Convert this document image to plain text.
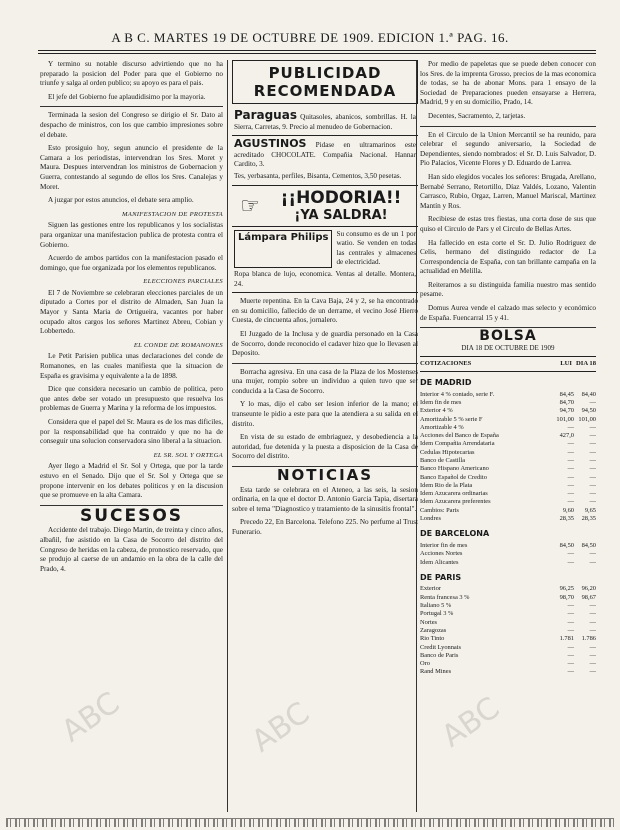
A B C. MARTES 19 DE OCTUBRE DE 1909. EDICION 1.ª PAG. 16.

Y termino su notable discurso advirtiendo que no ha preparado la posicion del Poder para que el Gobierno no triunfe y salga al orden publico; su apoyo es para el pais.

El jefe del Gobierno fue aplaudidisimo por la mayoria.

Terminada la sesion del Congreso se dirigio el Sr. Dato al despacho de ministros, con los que cambio impresiones sobre el debate.

Esto prosiguio hoy, segun anuncio el presidente de la Camara a los periodistas, intervendran los Sres. Moret y Maura. Despues intervendran los ministros de Gobernacion y Guerra, contestando al segundo de ellos los Sres. Canalejas y Moret.

A juzgar por estos anuncios, el debate sera amplio.

MANIFESTACION DE PROTESTA

Siguen las gestiones entre los republicanos y los socialistas para organizar una manifestacion publica de protesta contra el Gobierno.

Acuerdo de ambos partidos con la manifestacion pasado el domingo, que fue organizada por los elementos republicanos.

ELECCIONES PARCIALES

El 7 de Noviembre se celebraran elecciones parciales de un diputado a Cortes por el distrito de Almaden, San Juan la Mayor y Santa Maria de Ortigueira, vacantes por haber ocupado altos cargos los señores Martinez Abreu, Cobian y Lobbertedo.

EL CONDE DE ROMANONES

Le Petit Parisien publica unas declaraciones del conde de Romanones, en las cuales manifiesta que la situacion de España es gravisima y equivalente a la de 1898.

Dice que considera necesario un cambio de politica, pero que antes debe ser votado un presupuesto que resuelva los problemas de Guerra y Marina y la reforma de los impuestos.

Considera que el papel del Sr. Maura es de los mas dificiles, por la responsabilidad que ha contraido y que no ha de conseguir una solucion conservadora sino liberal a la situacion.

EL SR. SOL Y ORTEGA

Ayer llego a Madrid el Sr. Sol y Ortega, que por la tarde estuvo en el Senado. Dijo que el Sr. Sol y Ortega que se propone intervenir en los debates politicos y en la discusion que se promueve en la alta Camara.

SUCESOS

Accidente del trabajo. Diego Martin, de treinta y cinco años, albañil, fue asistido en la Casa de Socorro del distrito del Congreso de heridas en la cabeza, de pronostico reservado, que se produjo al caerse de un andamio en la obra de la calle del Prado, 4.

PUBLICIDAD
RECOMENDADA
Paraguas Quitasoles, abanicos, sombrillas. H. la Sierra, Carretas, 9. Precio al menudeo de Gobernacion.
AGUSTINOS Pidase en ultramarinos este acreditado CHOCOLATE. Compañia Nacional. Hannar Cardito, 3.
Tes, yerbasanta, perfiles, Bisanta, Cementos, 3,50 pesetas.
☞	¡¡HODORIA!!
¡YA SALDRA!
Lámpara Philips	Su consumo es de un 1 por watio. Se venden en todas las centrales y almacenes de electricidad.
Ropa blanca de lujo, economica. Ventas al detalle. Montera, 24.

Muerte repentina. En la Cava Baja, 24 y 2, se ha encontrado en su domicilio, fallecido de un derrame, el vecino José Hierro Cuesta, de cincuenta años, jornalero.

El Juzgado de la Inclusa y de guardia personado en la Casa de Socorro, donde reconocido el cadaver hizo que lo llevasen al Deposito.

Borracha agresiva. En una casa de la Plaza de los Mostenses una mujer, rompio sobre un individuo a quien tuvo que ser conducida a la Casa de Socorro.

Y lo mas, dijo el cabo ser lesion inferior de la mano; el transeunte le pidio a este para que la atendiera a su salida en el distrito.

En vista de su estado de embriaguez, y desobediencia a la autoridad, fue detenida y la puesta a disposicion de la Casa de Socorro del distrito.

NOTICIAS

Esta tarde se celebrara en el Ateneo, a las seis, la sesion ordinaria, en la que el doctor D. Antonio Garcia Tapia, disertara sobre el tema "Diagnostico y tratamiento de la sinusitis frontal".

Precedo 22, En Barcelona. Telefono 225. No perfume al Trust Funerario.

Por medio de papeletas que se puede deben conocer con los Sres. de la imprenta Grosso, precios de la mas economica de todas, se ha de abonar Mons. para 1 ensayo de la Sociedad de Preparaciones pueden ensayarse a Herrera, Madrid, 9 y en su domicilio, Prado, 14.

Decentes, Sacramento, 2, tarjetas.

En el Circulo de la Union Mercantil se ha reunido, para celebrar el segundo aniversario, la Sociedad de Dependientes, siendo nombrados: el Sr. D. Luis Salvador, D. Pio Palacios, Vicente Flores y D. Eduardo de Larrea.

Han sido elegidos vocales los señores: Brugada, Arellano, Bernabé Serrano, Retortillo, Díaz Valdés, Lozano, Valentin Carrasco, Rubio, Orgaz, Larren, Manuel Mariscal, Martinez Mantín y Ros.

Recibiese de estas tres fiestas, una corta dose de sus que quiso el Circulo de Pars y el Circulo de Bellas Artes.

Ha fallecido en esta corte el Sr. D. Julio Rodriguez de Celis, hermano del distinguido redactor de La Correspondencia de España, con tan brillante campaña en la actualidad en Melilla.

Reiteramos a su distinguida familia nuestro mas sentido pesame.

Domus Aurea vende el calzado mas selecto y económico de España. Fuencarral 15 y 41.

BOLSA
DIA 18 DE OCTUBRE DE 1909
COTIZACIONES	LUI DIA 18
DE MADRID
Interior 4 % contado, serie F.	84,45	84,40
Idem fin de mes	84,70	—
Exterior 4 %	94,70	94,50
Amortizable 5 % serie F	101,00 101,00
Amortizable 4 %	—	—
Acciones del Banco de España	427,0	—
Idem Compañia Arrendataria	—	—
Cedulas Hipotecarias	—	—
Banco de Castilla	—	—
Banco Hispano Americano	—	—
Banco Español de Credito	—	—
Idem Rio de la Plata	—	—
Idem Azucarera ordinarias	—	—
Idem Azucarera preferentes	—	—
Cambios: Paris	9,60	9,65
Londres	28,35	28,35
DE BARCELONA
Interior fin de mes	84,50	84,50
Acciones Nortes	—	—
Idem Alicantes	—	—
DE PARIS
Exterior	96,25	96,20
Renta francesa 3 %	98,70	98,67
Italiano 5 %	—	—
Portugal 3 %	—	—
Nortes	—	—
Zaragozas	—	—
Rio Tinto	1.781	1.786
Credit Lyonnais	—	—
Banco de Paris	—	—
Oro	—	—
Rand Mines	—	—
ABC	ABC	ABC
